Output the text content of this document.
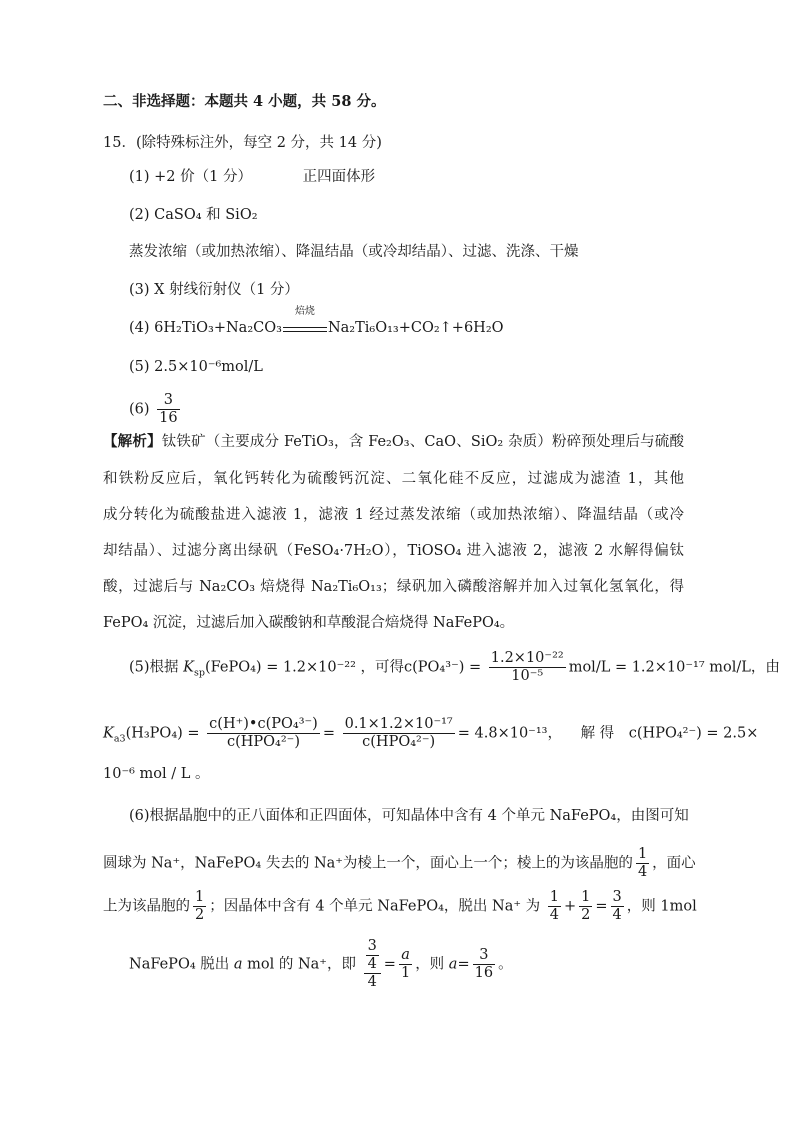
二、非选择题：本题共 4 小题，共 58 分。
15．(除特殊标注外，每空 2 分，共 14 分)
(1) +2 价（1 分）	正四面体形
(2) CaSO₄ 和 SiO₂
蒸发浓缩（或加热浓缩）、降温结晶（或冷却结晶）、过滤、洗涤、干燥
(3) X 射线衍射仪（1 分）
(4) 6H₂TiO₃+Na₂CO₃
焙烧
Na₂Ti₆O₁₃+CO₂↑+6H₂O
(5) 2.5×10⁻⁶mol/L
$(6) \frac{3}{16}$
【解析】钛铁矿（主要成分 FeTiO₃，含 Fe₂O₃、CaO、SiO₂ 杂质）粉碎预处理后与硫酸
和铁粉反应后，氧化钙转化为硫酸钙沉淀、二氧化硅不反应，过滤成为滤渣 1，其他
成分转化为硫酸盐进入滤液 1，滤液 1 经过蒸发浓缩（或加热浓缩）、降温结晶（或冷
却结晶）、过滤分离出绿矾（FeSO₄·7H₂O），TiOSO₄ 进入滤液 2，滤液 2 水解得偏钛
酸，过滤后与 Na₂CO₃ 焙烧得 Na₂Ti₆O₁₃；绿矾加入磷酸溶解并加入过氧化氢氧化，得
FePO₄ 沉淀，过滤后加入碳酸钠和草酸混合焙烧得 NaFePO₄。
(5)根据 $K_{sp}(FePO_4) = 1.2\times 10^{-22}$ ，可得$c(PO_4^{3-}) = \frac{\text{1.2×10⁻²²}}{\text{10⁻⁵}} mol/L = 1.2\times 10^{-17}$ mol/L，由
$K_{a3}(H_3PO_4) = \frac{\text{c(H⁺)•c(PO₄³⁻)}}{\text{c(HPO₄²⁻)}} = \frac{\text{0.1×1.2×10⁻¹⁷}}{\text{c(HPO₄²⁻)}} = 4.8\times 10^{-13}$， 解 得 c(HPO₄²⁻) = 2.5×
10⁻⁶ mol / L 。
(6)根据晶胞中的正八面体和正四面体，可知晶体中含有 4 个单元 NaFePO₄，由图可知
圆球为 Na⁺，NaFePO₄ 失去的 Na⁺为棱上一个，面心上一个；棱上的为该晶胞的 $\frac{1}{4}$ ，面心
上为该晶胞的 $\frac{1}{2}$ ；因晶体中含有 4 个单元 NaFePO₄，脱出 Na⁺ 为 $\frac{1}{4} + \frac{1}{2} = \frac{3}{4}$ ，则 1mol
NaFePO₄ 脱出 a mol 的 Na⁺，即 $\frac{\frac{3}{4}}{4} = \frac{a}{1}$ ，则 $a= \frac{3}{16}$ 。
